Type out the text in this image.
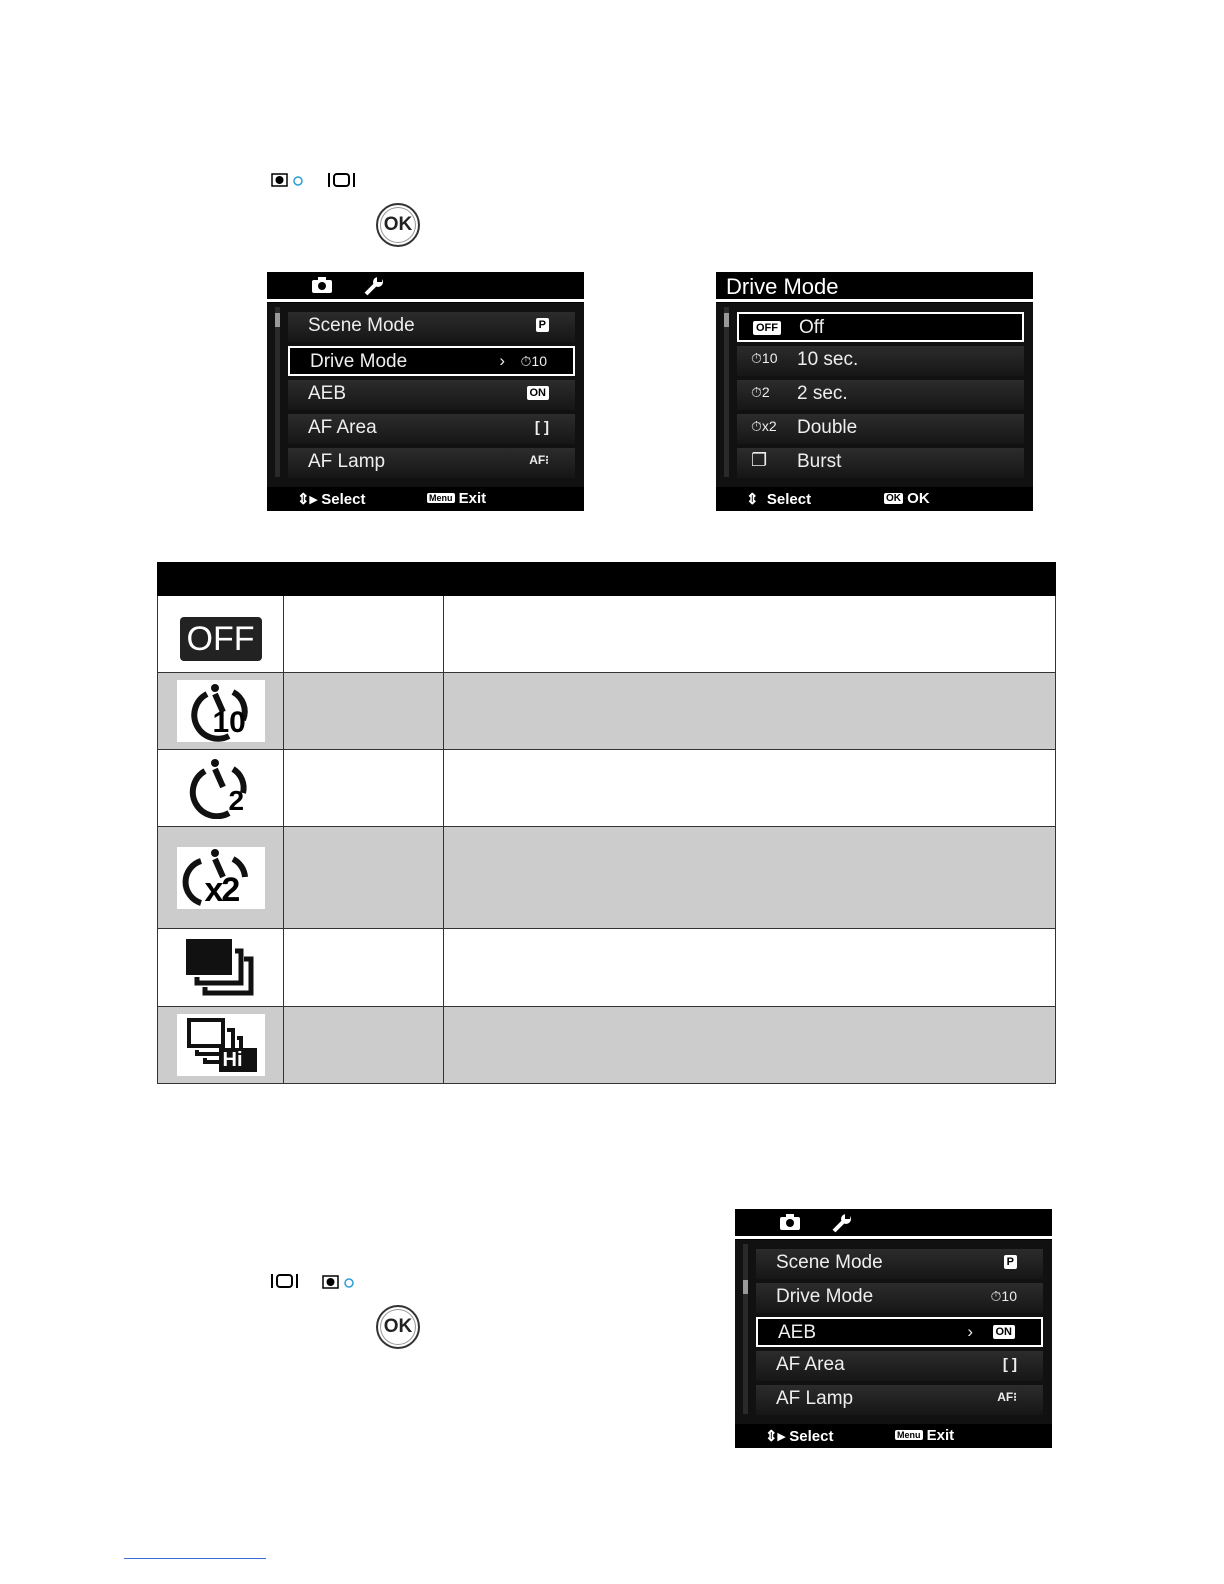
OK
Scene Mode	P
Drive Mode	› ⏱10
AEB	ON
AF Area	[ ]
AF Lamp	AF⁝
⇕▸ Select	Menu Exit
Drive Mode
OFF Off
⏱10 10 sec.
⏱2 2 sec.
⏱x2 Double
❐ Burst
⇕ Select	OK OK

OFF		

10		

2		

x2		

Hi		

OK
Scene Mode	P
Drive Mode	⏱10
AEB	› ON
AF Area	[ ]
AF Lamp	AF⁝
⇕▸ Select	Menu Exit
